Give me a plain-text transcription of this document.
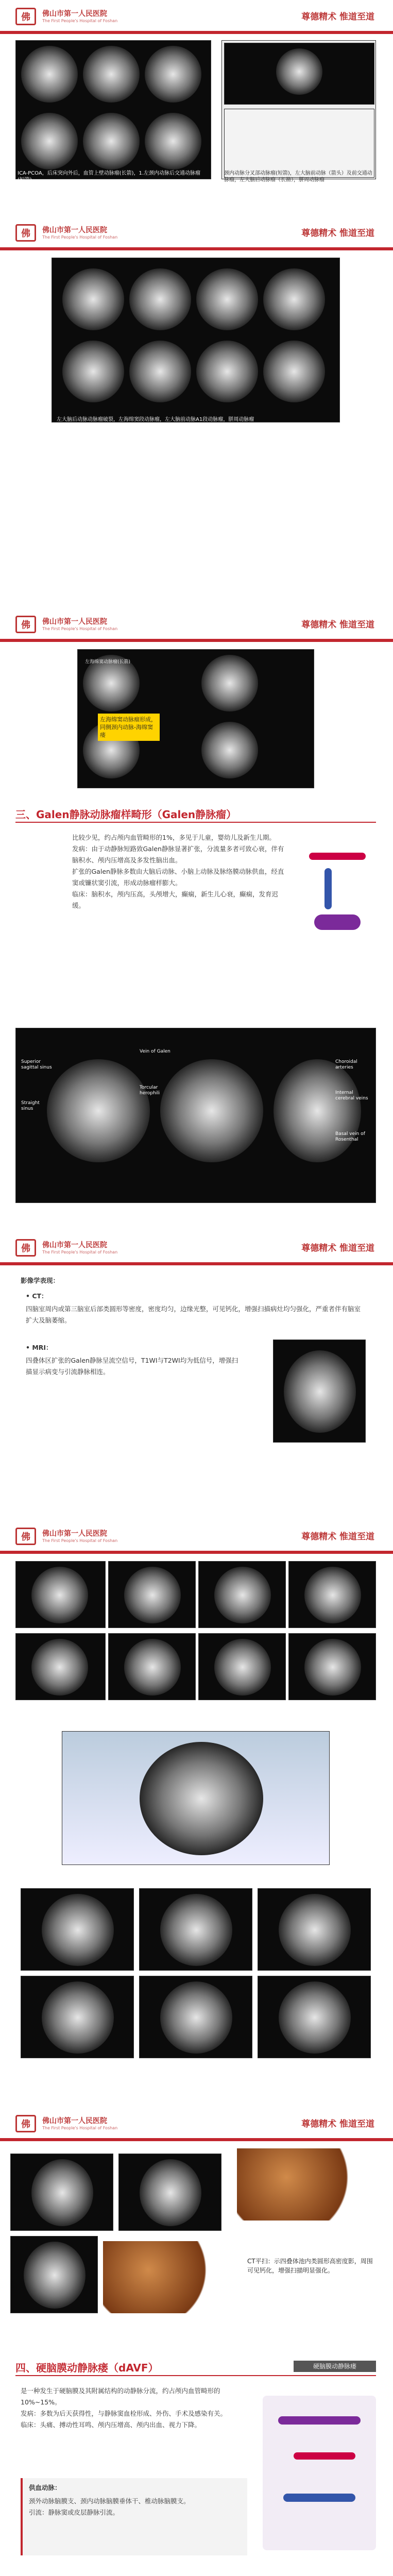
佛	佛山市第一人民医院
The First People's Hospital of Foshan	尊德精术 惟道至道
ICA-PCOA，后床突向外后，血管上壁动脉瘤(长箭)，1.左颈内动脉后交通动脉瘤(短箭)
颈内动脉分叉部动脉瘤(短箭)，左大脑前动脉（箭头）及前交通动脉瘤，左大脑后动脉瘤（长箭），胼周动脉瘤
佛	佛山市第一人民医院
The First People's Hospital of Foshan	尊德精术 惟道至道
左大脑后动脉动脉瘤破裂，左海绵窦段动脉瘤，左大脑前动脉A1段动脉瘤，胼周动脉瘤
佛	佛山市第一人民医院
The First People's Hospital of Foshan	尊德精术 惟道至道
左海绵窦动脉瘤(长箭)
左海绵窦动脉瘤形成，同侧颈内动脉-海绵窦瘘
三、Galen静脉动脉瘤样畸形（Galen静脉瘤）
比较少见，约占颅内血管畸形的1%，多见于儿童，婴幼儿及新生儿期。
发病：由于动静脉短路致Galen静脉显著扩张，分流量多者可致心衰，伴有脑积水、颅内压增高及多发性脑出血。
扩张的Galen静脉多数由大脑后动脉、小脑上动脉及脉络膜动脉供血，经直窦或镰状窦引流，形成动脉瘤样膨大。
临床：脑积水，颅内压高，头颅增大，癫痫，新生儿心衰，癫痫，发育迟缓。
Superior sagittal sinus
Straight sinus
Vein of Galen
Torcular herophili
Choroidal arteries
Internal cerebral veins
Basal vein of Rosenthal
佛	佛山市第一人民医院
The First People's Hospital of Foshan	尊德精术 惟道至道
影像学表现：
• CT：
四脑室周内或第三脑室后部类圆形等密度，密度均匀，边缘光整，可见钙化，增强扫描病灶均匀强化，严重者伴有脑室扩大及脑萎缩。
• MRI：
四叠体区扩张的Galen静脉呈流空信号，T1WI与T2WI均为低信号，增强扫描显示病变与引流静脉相连。
佛	佛山市第一人民医院
The First People's Hospital of Foshan	尊德精术 惟道至道
佛	佛山市第一人民医院
The First People's Hospital of Foshan	尊德精术 惟道至道
CT平扫：示四叠体池内类圆形高密度影，周围可见钙化，增强扫描明显强化。
四、硬脑膜动静脉瘘（dAVF）	硬脑膜动静脉瘘
是一种发生于硬脑膜及其附属结构的动静脉分流，约占颅内血管畸形的10%~15%。
发病：多数为后天获得性，与静脉窦血栓形成、外伤、手术及感染有关。
临床：头痛、搏动性耳鸣、颅内压增高、颅内出血、视力下降。
供血动脉：
颈外动脉脑膜支、颈内动脉脑膜垂体干、椎动脉脑膜支。
引流：静脉窦或皮层静脉引流。
